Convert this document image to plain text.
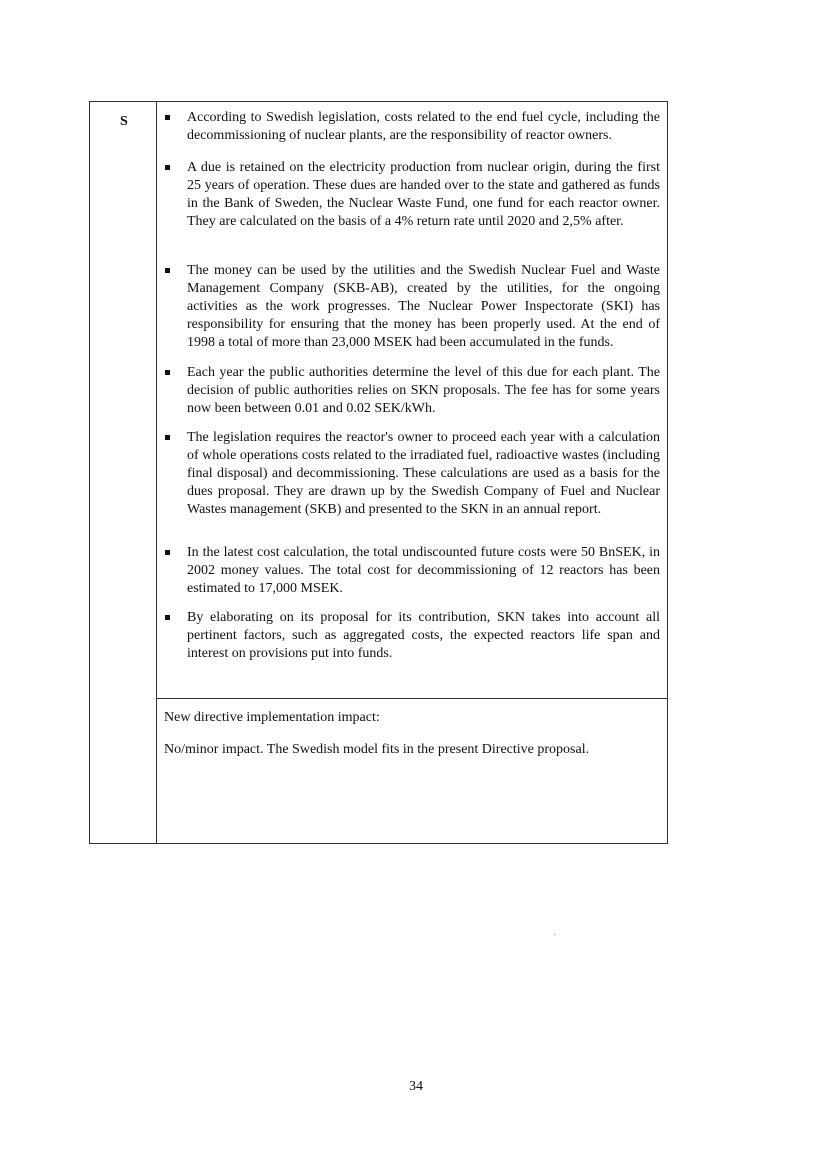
S	According to Swedish legislation, costs related to the end fuel cycle, including the decommissioning of nuclear plants, are the responsibility of reactor owners.
A due is retained on the electricity production from nuclear origin, during the first 25 years of operation. These dues are handed over to the state and gathered as funds in the Bank of Sweden, the Nuclear Waste Fund, one fund for each reactor owner. They are calculated on the basis of a 4% return rate until 2020 and 2,5% after.
The money can be used by the utilities and the Swedish Nuclear Fuel and Waste Management Company (SKB-AB), created by the utilities, for the ongoing activities as the work progresses. The Nuclear Power Inspectorate (SKI) has responsibility for ensuring that the money has been properly used. At the end of 1998 a total of more than 23,000 MSEK had been accumulated in the funds.
Each year the public authorities determine the level of this due for each plant. The decision of public authorities relies on SKN proposals. The fee has for some years now been between 0.01 and 0.02 SEK/kWh.
The legislation requires the reactor's owner to proceed each year with a calculation of whole operations costs related to the irradiated fuel, radioactive wastes (including final disposal) and decommissioning. These calculations are used as a basis for the dues proposal. They are drawn up by the Swedish Company of Fuel and Nuclear Wastes management (SKB) and presented to the SKN in an annual report.
In the latest cost calculation, the total undiscounted future costs were 50 BnSEK, in 2002 money values. The total cost for decommissioning of 12 reactors has been estimated to 17,000 MSEK.
By elaborating on its proposal for its contribution, SKN takes into account all pertinent factors, such as aggregated costs, the expected reactors life span and interest on provisions put into funds.
New directive implementation impact:
No/minor impact. The Swedish model fits in the present Directive proposal.
34
